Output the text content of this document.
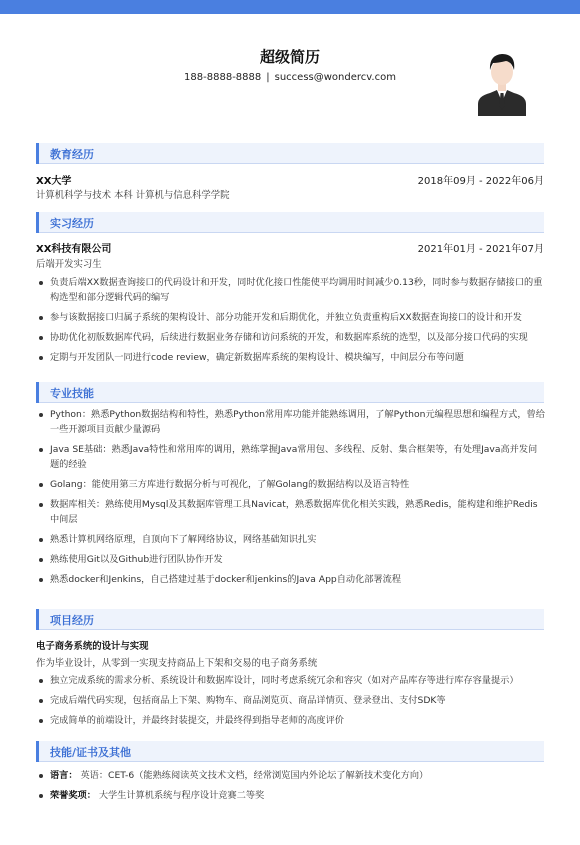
超级简历
188-8888-8888 | success@wondercv.com
教育经历
XX大学	2018年09月 - 2022年06月
计算机科学与技术 本科 计算机与信息科学学院
实习经历
XX科技有限公司	2021年01月 - 2021年07月
后端开发实习生
负责后端XX数据查询接口的代码设计和开发，同时优化接口性能使平均调用时间减少0.13秒，同时参与数据存储接口的重构选型和部分逻辑代码的编写
参与该数据接口归属子系统的架构设计、部分功能开发和后期优化，并独立负责重构后XX数据查询接口的设计和开发
协助优化初版数据库代码，后续进行数据业务存储和访问系统的开发，和数据库系统的选型，以及部分接口代码的实现
定期与开发团队一同进行code review，确定新数据库系统的架构设计、模块编写，中间层分布等问题
专业技能
Python：熟悉Python数据结构和特性，熟悉Python常用库功能并能熟练调用，了解Python元编程思想和编程方式，曾给一些开源项目贡献少量源码
Java SE基础：熟悉Java特性和常用库的调用，熟练掌握Java常用包、多线程、反射、集合框架等，有处理Java高并发问题的经验
Golang：能使用第三方库进行数据分析与可视化，了解Golang的数据结构以及语言特性
数据库相关：熟练使用Mysql及其数据库管理工具Navicat，熟悉数据库优化相关实践，熟悉Redis，能构建和维护Redis中间层
熟悉计算机网络原理，自顶向下了解网络协议，网络基础知识扎实
熟练使用Git以及Github进行团队协作开发
熟悉docker和Jenkins，自己搭建过基于docker和jenkins的Java App自动化部署流程
项目经历
电子商务系统的设计与实现
作为毕业设计，从零到一实现支持商品上下架和交易的电子商务系统
独立完成系统的需求分析、系统设计和数据库设计，同时考虑系统冗余和容灾（如对产品库存等进行库存容量提示）
完成后端代码实现，包括商品上下架、购物车、商品浏览页、商品详情页、登录登出、支付SDK等
完成简单的前端设计，并最终封装提交，并最终得到指导老师的高度评价
技能/证书及其他
语言： 英语：CET-6（能熟练阅读英文技术文档，经常浏览国内外论坛了解新技术变化方向）
荣誉奖项： 大学生计算机系统与程序设计竞赛二等奖
